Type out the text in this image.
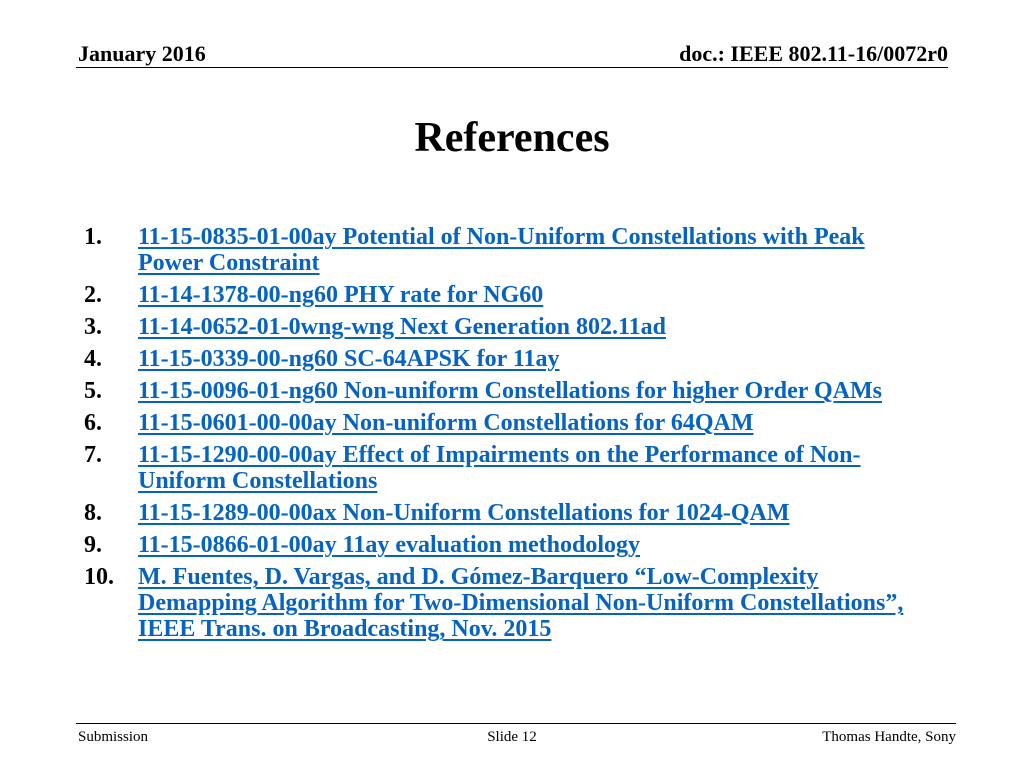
January 2016	doc.: IEEE 802.11-16/0072r0
References
1.	11-15-0835-01-00ay Potential of Non-Uniform Constellations with Peak Power Constraint
2.	11-14-1378-00-ng60 PHY rate for NG60
3.	11-14-0652-01-0wng-wng Next Generation 802.11ad
4.	11-15-0339-00-ng60 SC-64APSK for 11ay
5.	11-15-0096-01-ng60 Non-uniform Constellations for higher Order QAMs
6.	11-15-0601-00-00ay Non-uniform Constellations for 64QAM
7.	11-15-1290-00-00ay Effect of Impairments on the Performance of Non-Uniform Constellations
8.	11-15-1289-00-00ax Non-Uniform Constellations for 1024-QAM
9.	11-15-0866-01-00ay 11ay evaluation methodology
10.	M. Fuentes, D. Vargas, and D. Gómez-Barquero “Low-Complexity Demapping Algorithm for Two-Dimensional Non-Uniform Constellations”, IEEE Trans. on Broadcasting, Nov. 2015
Submission	Slide 12	Thomas Handte, Sony
